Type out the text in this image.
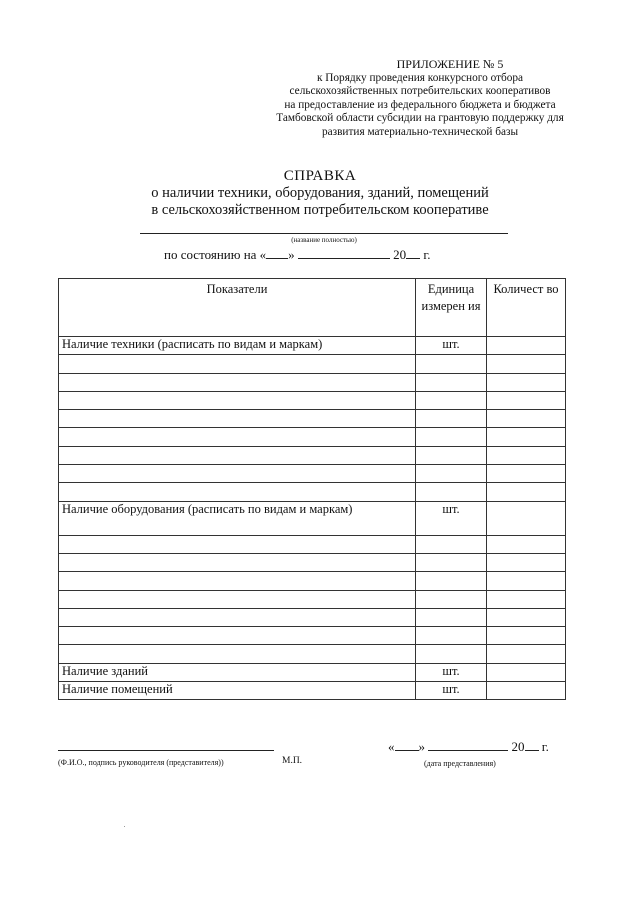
ПРИЛОЖЕНИЕ № 5
к Порядку проведения конкурсного отбора
сельскохозяйственных потребительских кооперативов
на предоставление из федерального бюджета и бюджета
Тамбовской области субсидии на грантовую поддержку для
развития материально-технической базы
СПРАВКА
о наличии техники, оборудования, зданий, помещений
в сельскохозяйственном потребительском кооперативе
(название полностью)
по состоянию на « »	20 г.
Показатели	Единица измерен ия	Количест во
Наличие техники (расписать по видам и маркам)	шт.	

Наличие оборудования (расписать по видам и маркам)	шт.	

Наличие зданий	шт.	
Наличие помещений	шт.	
(Ф.И.О., подпись руководителя (представителя))	М.П.
« »	20 г.
(дата представления)
